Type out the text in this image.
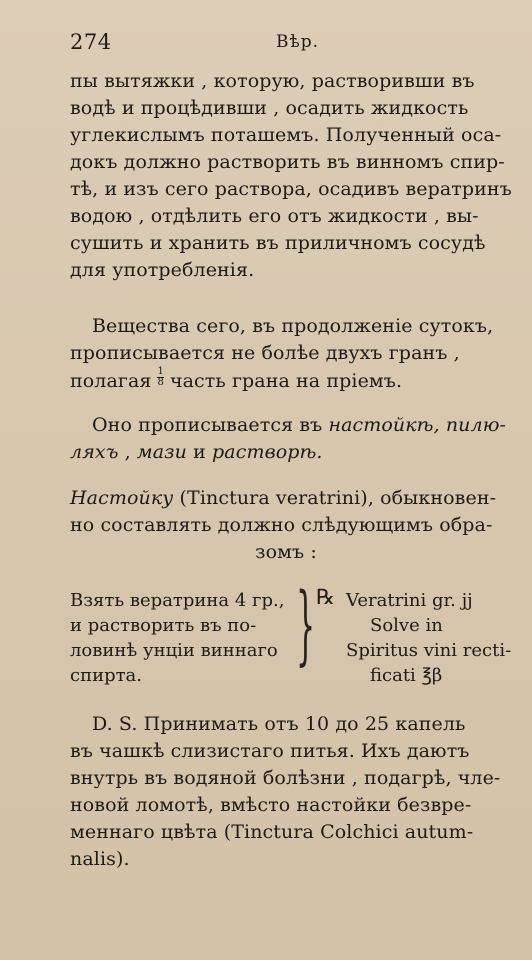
274	Вѣр.
пы вытяжки , которую, растворивши въ
водѣ и процѣдивши , осадить жидкость
углекислымъ поташемъ. Полученный оса-
докъ должно растворить въ винномъ спир-
тѣ, и изъ сего раствора, осадивъ вератринъ
водою , отдѣлить его отъ жидкости , вы-
сушить и хранить въ приличномъ сосудѣ
для употребленія.
Вещества сего, въ продолженіе сутокъ,
прописывается не болѣе двухъ гранъ ,
полагая $\frac{1}{8}$ часть грана на пріемъ.
Оно прописывается въ настойкѣ, пилю-
ляхъ , мази и растворѣ.
Настойку (Tinctura veratrini), обыкновен-
но составлять должно слѣдующимъ обра-
зомъ :
Взять вератрина 4 гр.,
и растворить въ по-
ловинѣ унціи виннаго
спирта.
} ℞ Veratrini gr. jj
Solve in
Spiritus vini recti-
ficati ℥β
D. S. Принимать отъ 10 до 25 капель
въ чашкѣ слизистаго питья. Ихъ даютъ
внутрь въ водяной болѣзни , подагрѣ, чле-
новой ломотѣ, вмѣсто настойки безвре-
меннаго цвѣта (Tinctura Colchici autum-
nalis).
